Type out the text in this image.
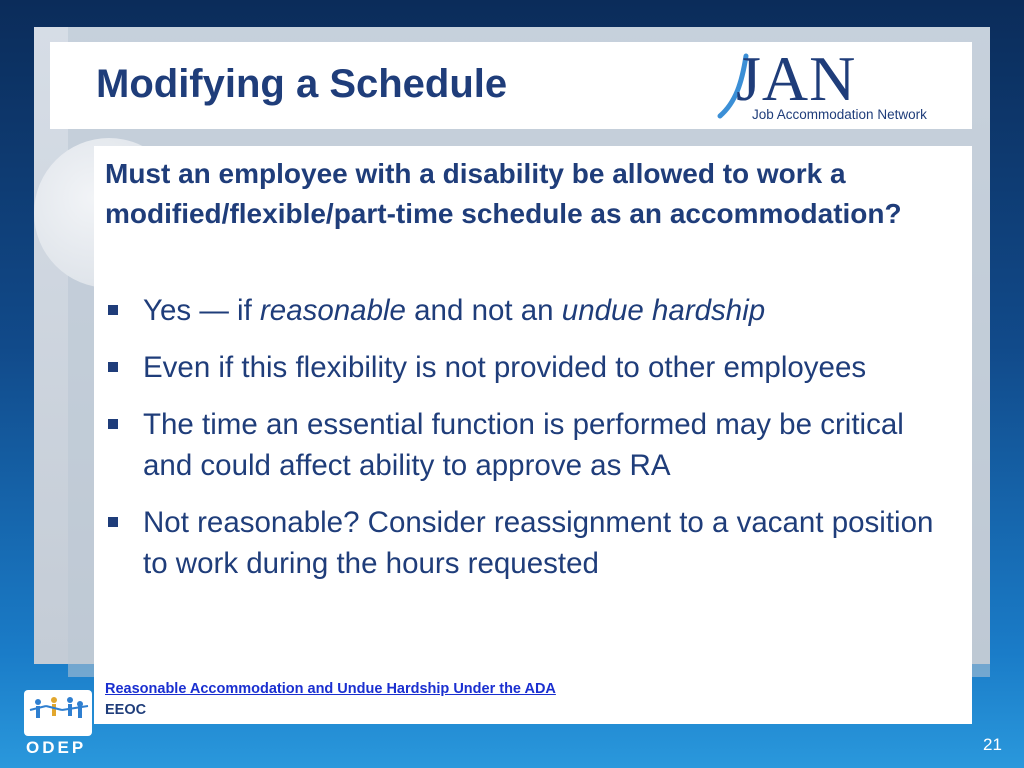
Modifying a Schedule	JAN
Job Accommodation Network

Must an employee with a disability be allowed to work a modified/flexible/part-time schedule as an accommodation?

Yes — if reasonable and not an undue hardship
Even if this flexibility is not provided to other employees
The time an essential function is performed may be critical and could affect ability to approve as RA
Not reasonable? Consider reassignment to a vacant position to work during the hours requested
Reasonable Accommodation and Undue Hardship Under the ADA
EEOC
ODEP	21
